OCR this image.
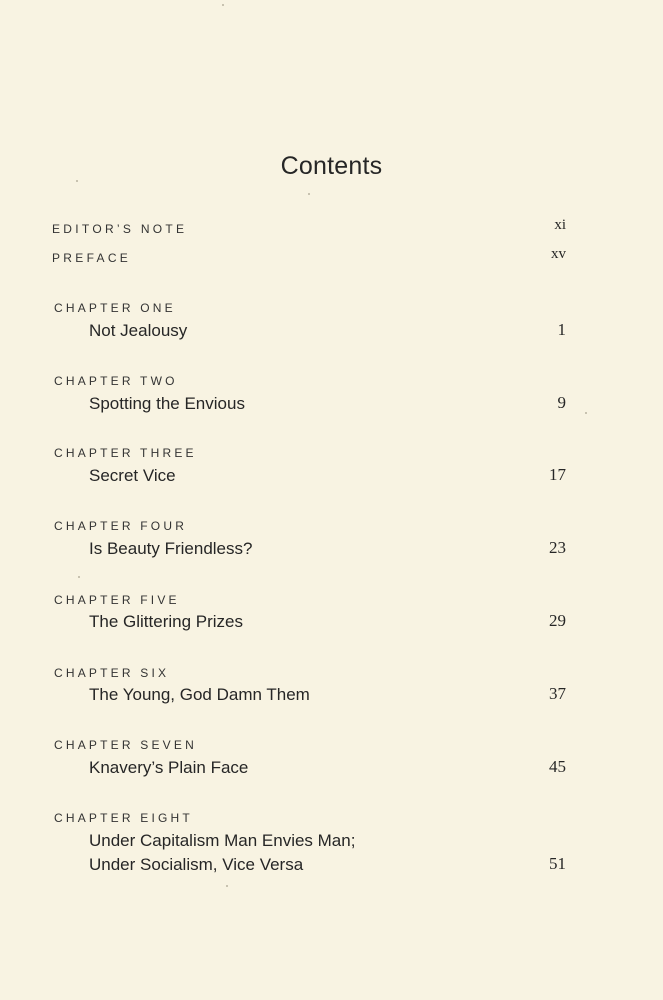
Contents
EDITOR’S NOTE	xi
PREFACE	xv
CHAPTER ONE
Not Jealousy	1
CHAPTER TWO
Spotting the Envious	9
CHAPTER THREE
Secret Vice	17
CHAPTER FOUR
Is Beauty Friendless?	23
CHAPTER FIVE
The Glittering Prizes	29
CHAPTER SIX
The Young, God Damn Them	37
CHAPTER SEVEN
Knavery’s Plain Face	45
CHAPTER EIGHT
Under Capitalism Man Envies Man;
Under Socialism, Vice Versa	51
